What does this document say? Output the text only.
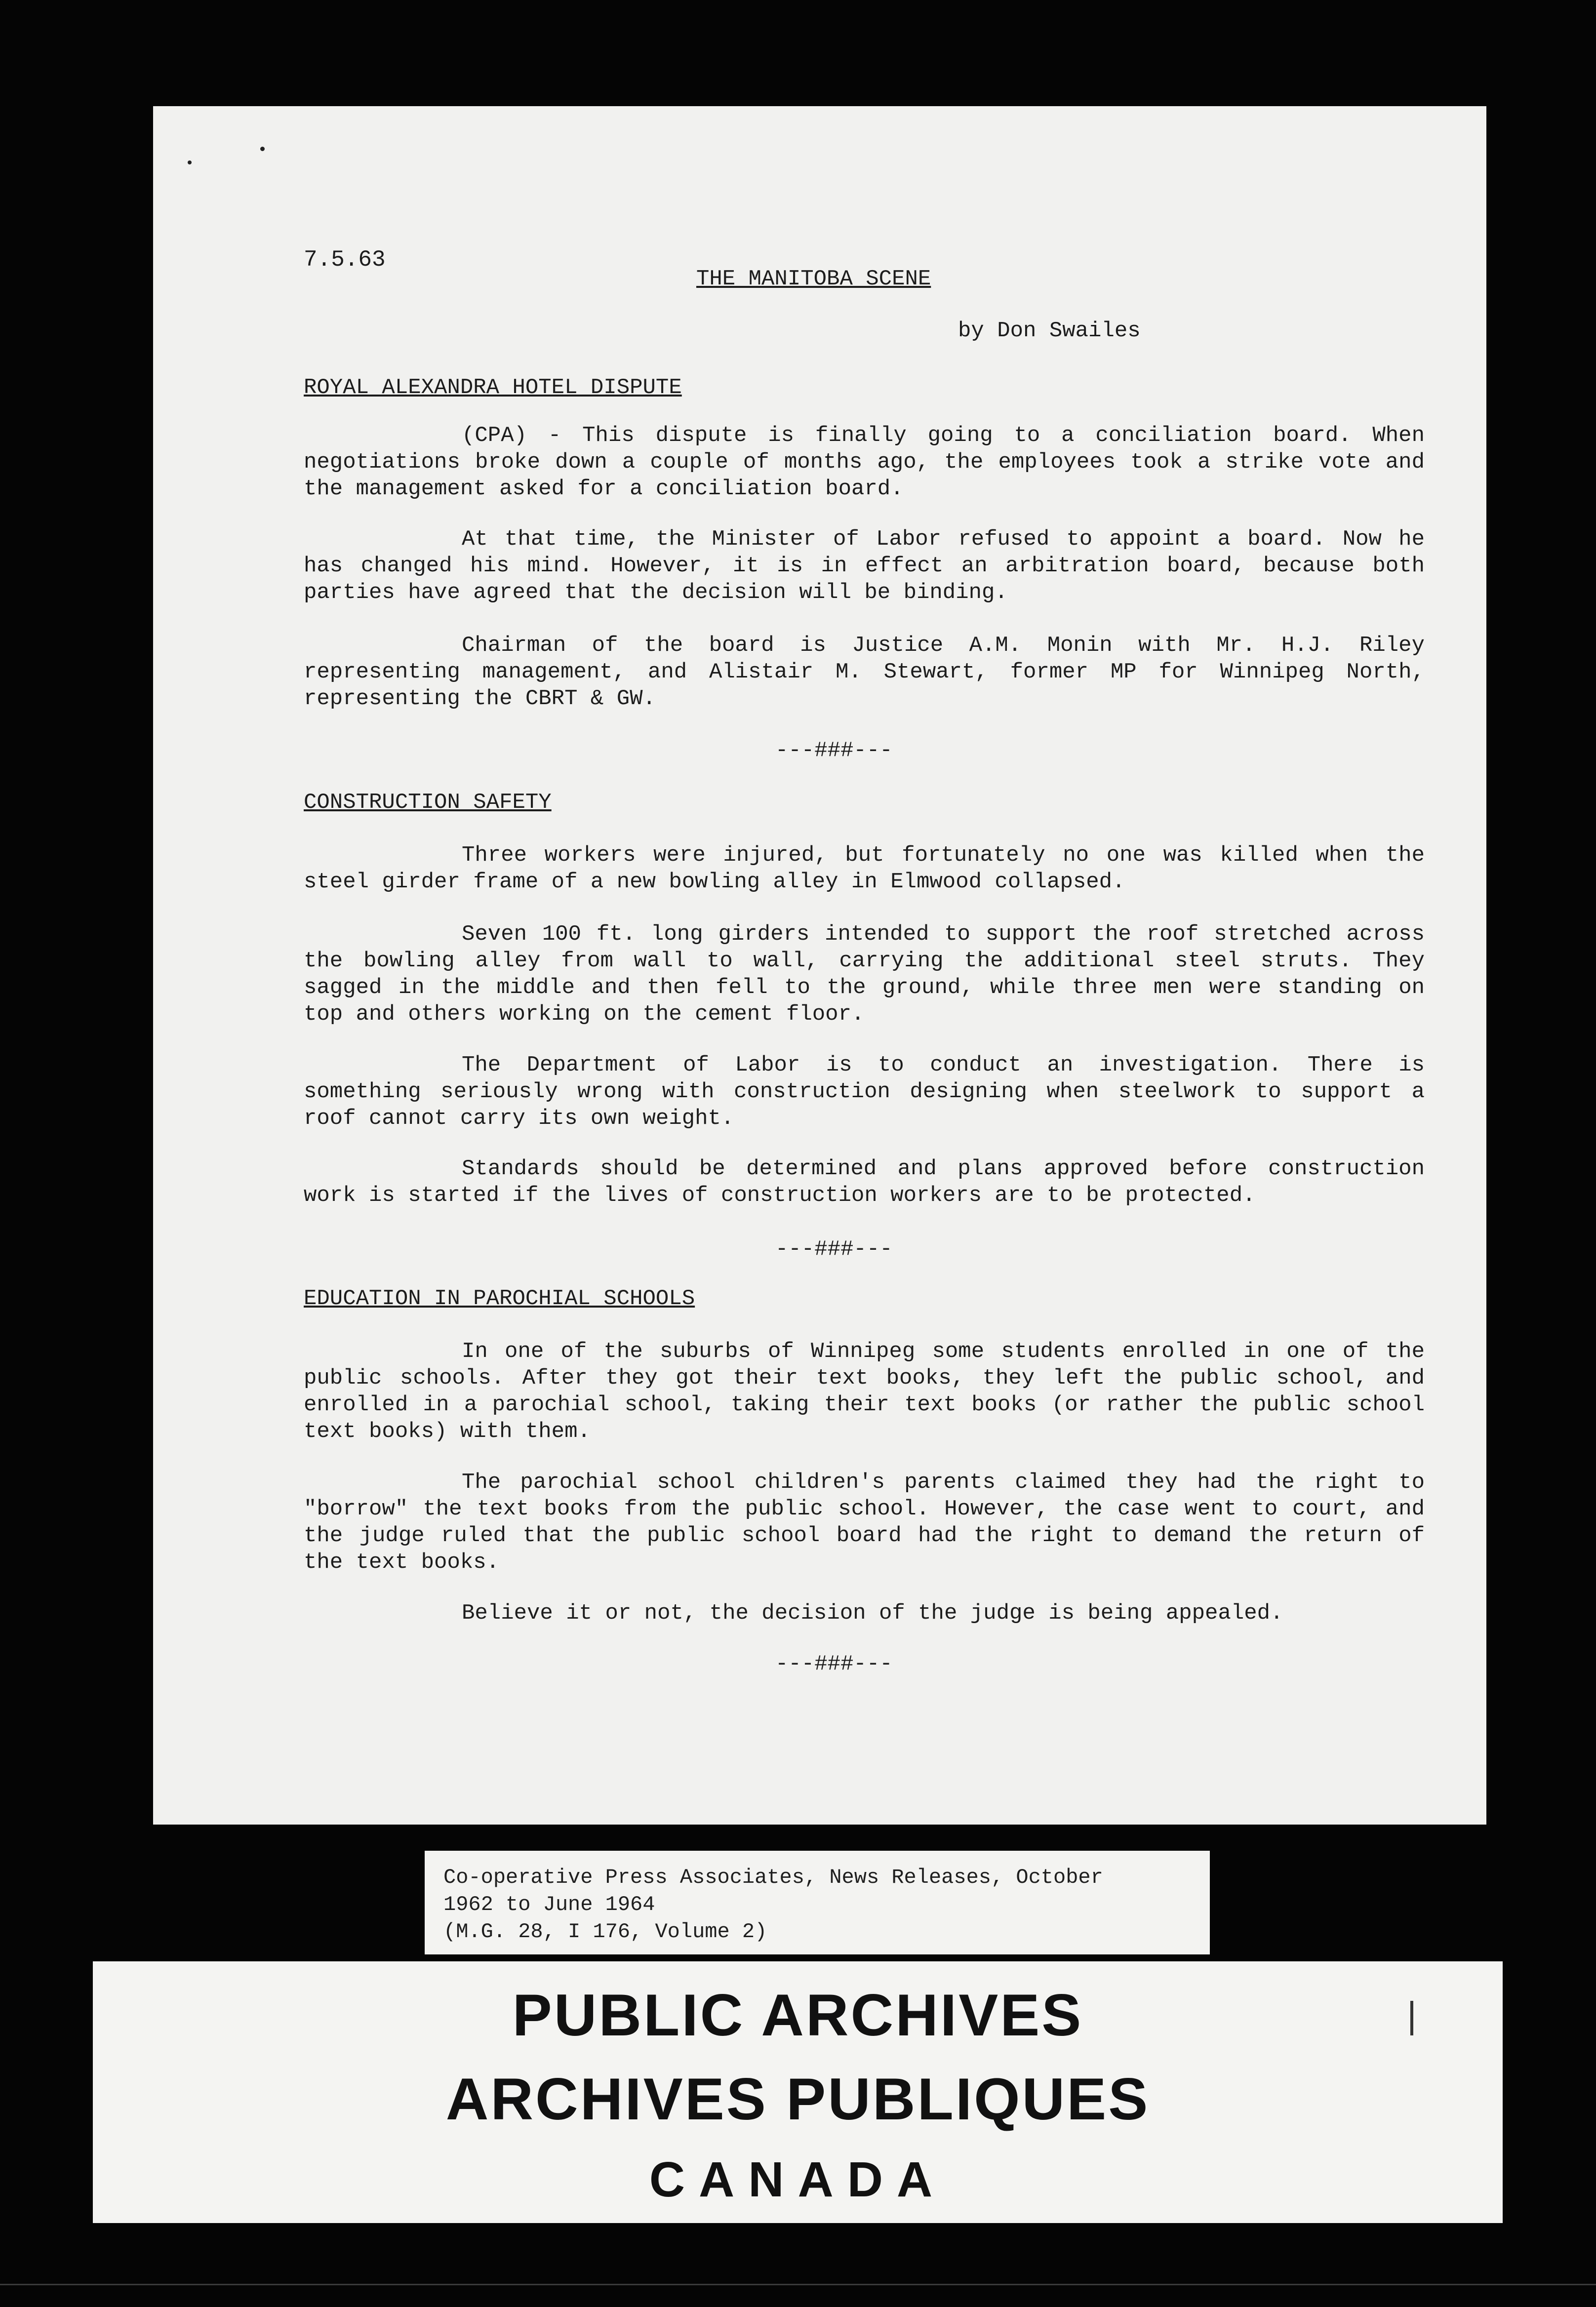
7.5.63
THE MANITOBA SCENE
by Don Swailes
ROYAL ALEXANDRA HOTEL DISPUTE

(CPA) - This dispute is finally going to a conciliation board. When negotiations broke down a couple of months ago, the employees took a strike vote and the management asked for a conciliation board.

At that time, the Minister of Labor refused to appoint a board. Now he has changed his mind. However, it is in effect an arbitration board, because both parties have agreed that the decision will be binding.

Chairman of the board is Justice A.M. Monin with Mr. H.J. Riley representing management, and Alistair M. Stewart, former MP for Winnipeg North, representing the CBRT & GW.

---###---
CONSTRUCTION SAFETY

Three workers were injured, but fortunately no one was killed when the steel girder frame of a new bowling alley in Elmwood collapsed.

Seven 100 ft. long girders intended to support the roof stretched across the bowling alley from wall to wall, carrying the additional steel struts. They sagged in the middle and then fell to the ground, while three men were standing on top and others working on the cement floor.

The Department of Labor is to conduct an investigation. There is something seriously wrong with construction designing when steelwork to support a roof cannot carry its own weight.

Standards should be determined and plans approved before construction work is started if the lives of construction workers are to be protected.

---###---
EDUCATION IN PAROCHIAL SCHOOLS

In one of the suburbs of Winnipeg some students enrolled in one of the public schools. After they got their text books, they left the public school, and enrolled in a parochial school, taking their text books (or rather the public school text books) with them.

The parochial school children's parents claimed they had the right to "borrow" the text books from the public school. However, the case went to court, and the judge ruled that the public school board had the right to demand the return of the text books.

Believe it or not, the decision of the judge is being appealed.

---###---
Co-operative Press Associates, News Releases, October
1962 to June 1964
(M.G. 28, I 176, Volume 2)
PUBLIC ARCHIVES
ARCHIVES PUBLIQUES
CANADA
